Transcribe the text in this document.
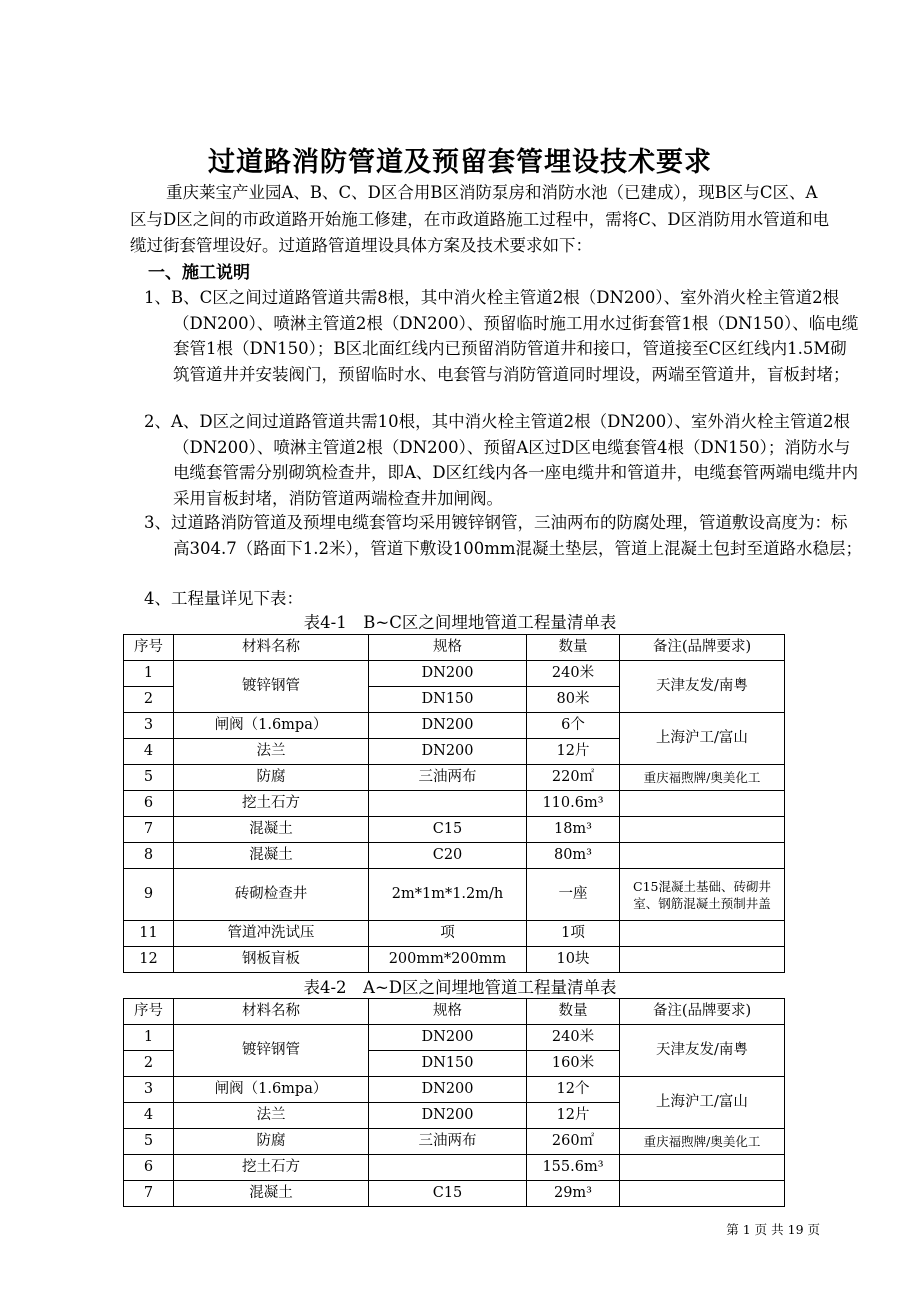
过道路消防管道及预留套管埋设技术要求
重庆莱宝产业园A、B、C、D区合用B区消防泵房和消防水池（已建成），现B区与C区、A区与D区之间的市政道路开始施工修建，在市政道路施工过程中，需将C、D区消防用水管道和电缆过街套管埋设好。过道路管道埋设具体方案及技术要求如下：
一、施工说明
1、B、C区之间过道路管道共需8根，其中消火栓主管道2根（DN200）、室外消火栓主管道2根（DN200）、喷淋主管道2根（DN200）、预留临时施工用水过街套管1根（DN150）、临电缆套管1根（DN150）；B区北面红线内已预留消防管道井和接口，管道接至C区红线内1.5M砌筑管道井并安装阀门，预留临时水、电套管与消防管道同时埋设，两端至管道井，盲板封堵；
2、A、D区之间过道路管道共需10根，其中消火栓主管道2根（DN200）、室外消火栓主管道2根（DN200）、喷淋主管道2根（DN200）、预留A区过D区电缆套管4根（DN150）；消防水与电缆套管需分别砌筑检查井，即A、D区红线内各一座电缆井和管道井，电缆套管两端电缆井内采用盲板封堵，消防管道两端检查井加闸阀。
3、过道路消防管道及预埋电缆套管均采用镀锌钢管，三油两布的防腐处理，管道敷设高度为：标高304.7（路面下1.2米），管道下敷设100mm混凝土垫层，管道上混凝土包封至道路水稳层；
4、工程量详见下表：
表4-1　B~C区之间埋地管道工程量清单表
序号	材料名称	规格	数量	备注(品牌要求)
1	镀锌钢管	DN200	240米	天津友发/南粤
2		DN150	80米	
3	闸阀（1.6mpa）	DN200	6个	上海沪工/富山
4	法兰	DN200	12片	
5	防腐	三油两布	220㎡	重庆福煦牌/奥美化工
6	挖土石方		110.6m³	
7	混凝土	C15	18m³	
8	混凝土	C20	80m³	
9	砖砌检查井	2m*1m*1.2m/h	一座	C15混凝土基础、砖砌井室、钢筋混凝土预制井盖
11	管道冲洗试压	项	1项	
12	钢板盲板	200mm*200mm	10块	
表4-2　A~D区之间埋地管道工程量清单表
序号	材料名称	规格	数量	备注(品牌要求)
1	镀锌钢管	DN200	240米	天津友发/南粤
2		DN150	160米	
3	闸阀（1.6mpa）	DN200	12个	上海沪工/富山
4	法兰	DN200	12片	
5	防腐	三油两布	260㎡	重庆福煦牌/奥美化工
6	挖土石方		155.6m³	
7	混凝土	C15	29m³	
第 1 页 共 19 页
